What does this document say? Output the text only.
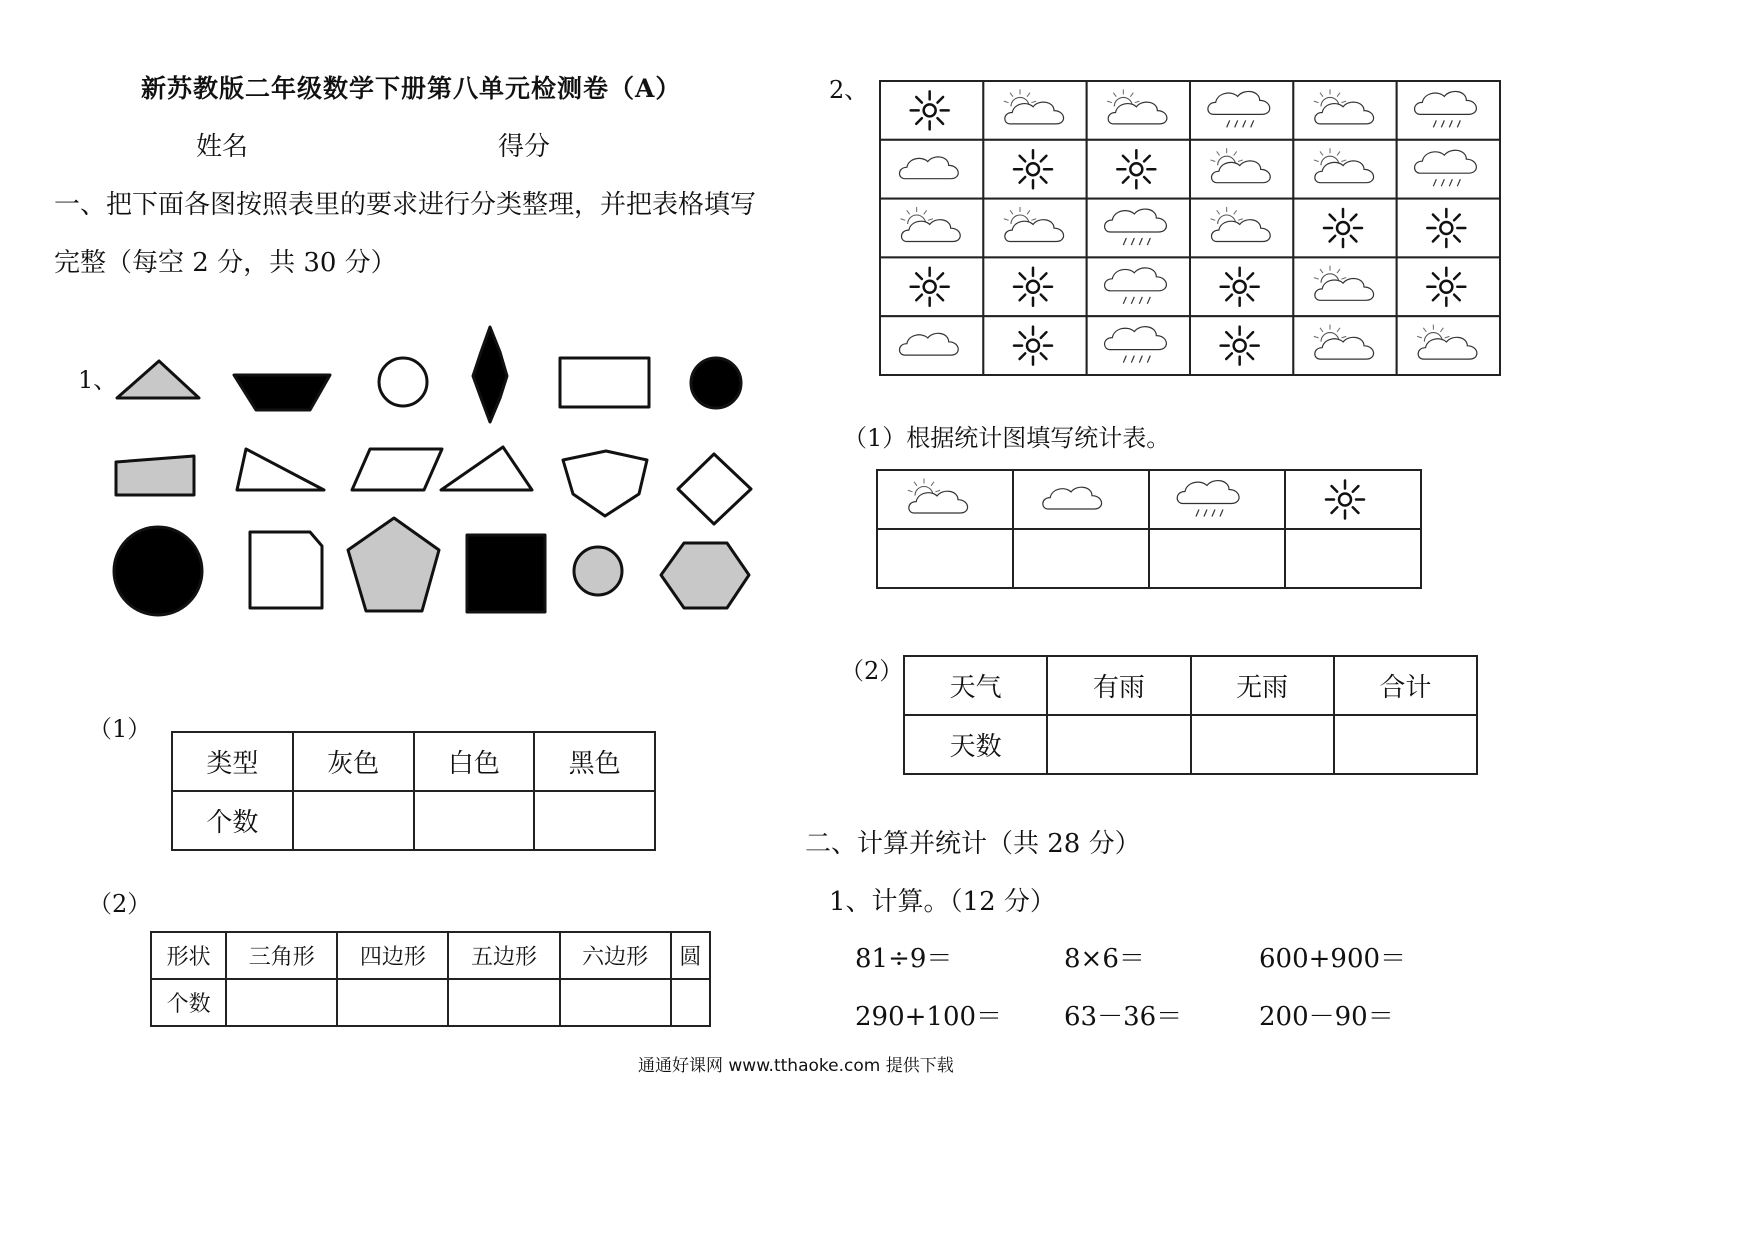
新苏教版二年级数学下册第八单元检测卷（A）
姓名	得分
一、把下面各图按照表里的要求进行分类整理，并把表格填写
完整（每空 2 分，共 30 分）
1、
（1）
类型	灰色	白色	黑色
个数			
（2）
形状	三角形	四边形	五边形	六边形	圆
个数					
2、
（1）根据统计图填写统计表。
（2）
天气	有雨	无雨	合计
天数			
二、计算并统计（共 28 分）
1、计算。（12 分）
81÷9＝	8×6＝	600+900＝
290+100＝ 63－36＝	200－90＝
通通好课网 www.tthaoke.com 提供下载
